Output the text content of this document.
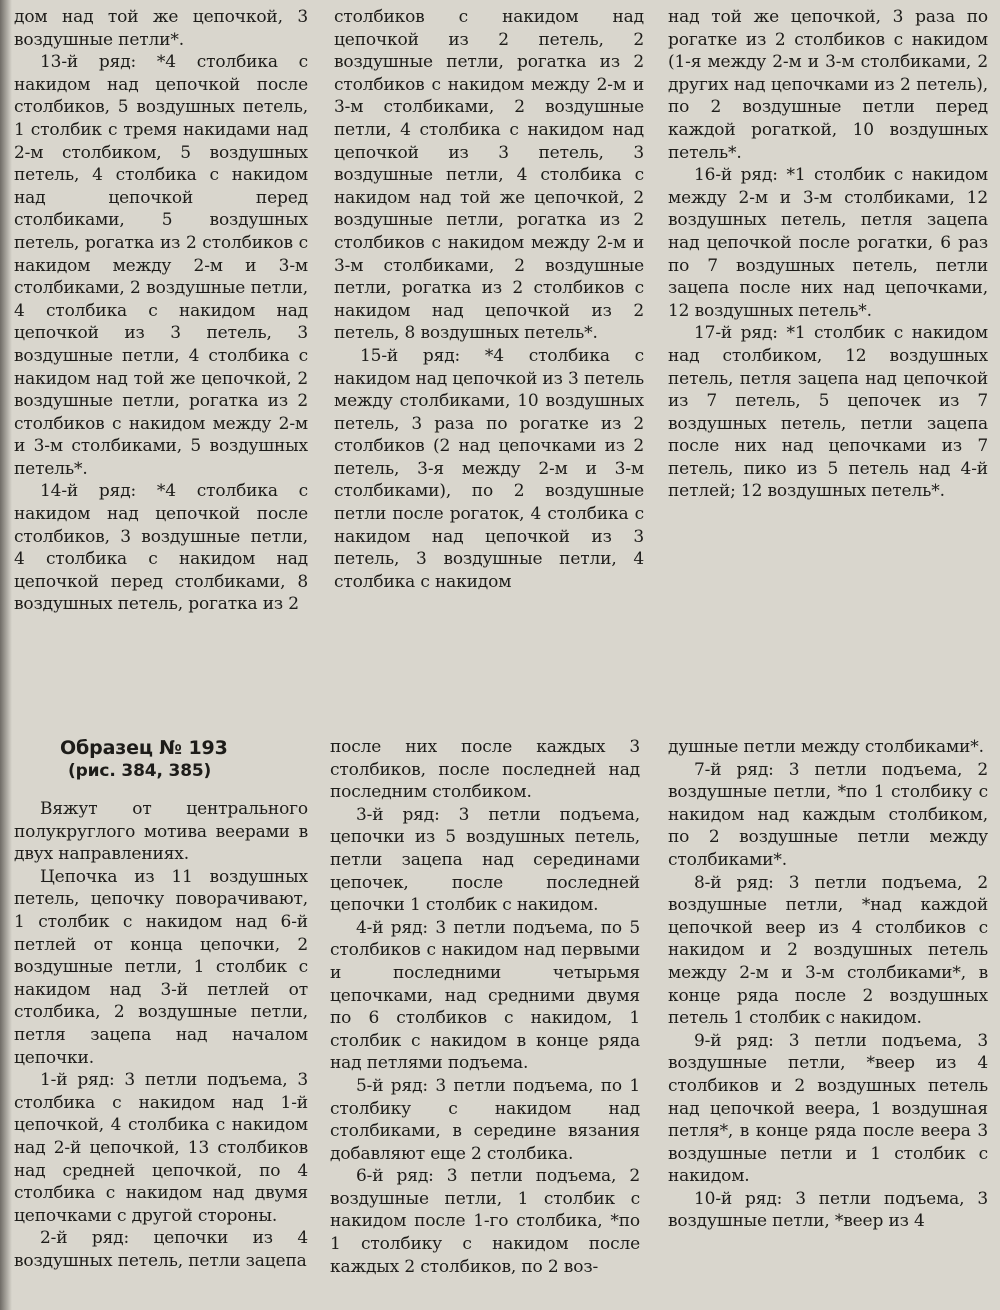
дом над той же цепочкой, 3 воздушные петли*.

13-й ряд: *4 столбика с накидом над цепочкой после столбиков, 5 воздушных петель, 1 столбик с тремя накидами над 2-м столбиком, 5 воздушных петель, 4 столбика с накидом над цепочкой перед столбиками, 5 воздушных петель, рогатка из 2 столбиков с накидом между 2-м и 3-м столбиками, 2 воздушные петли, 4 столбика с накидом над цепочкой из 3 петель, 3 воздушные петли, 4 столбика с накидом над той же цепочкой, 2 воздушные петли, рогатка из 2 столбиков с накидом между 2-м и 3-м столбиками, 5 воздушных петель*.

14-й ряд: *4 столбика с накидом над цепочкой после столбиков, 3 воздушные петли, 4 столбика с накидом над цепочкой перед столбиками, 8 воздушных петель, рогатка из 2

столбиков с накидом над цепочкой из 2 петель, 2 воздушные петли, рогатка из 2 столбиков с накидом между 2-м и 3-м столбиками, 2 воздушные петли, 4 столбика с накидом над цепочкой из 3 петель, 3 воздушные петли, 4 столбика с накидом над той же цепочкой, 2 воздушные петли, рогатка из 2 столбиков с накидом между 2-м и 3-м столбиками, 2 воздушные петли, рогатка из 2 столбиков с накидом над цепочкой из 2 петель, 8 воздушных петель*.

15-й ряд: *4 столбика с накидом над цепочкой из 3 петель между столбиками, 10 воздушных петель, 3 раза по рогатке из 2 столбиков (2 над цепочками из 2 петель, 3-я между 2-м и 3-м столбиками), по 2 воздушные петли после рогаток, 4 столбика с накидом над цепочкой из 3 петель, 3 воздушные петли, 4 столбика с накидом

над той же цепочкой, 3 раза по рогатке из 2 столбиков с накидом (1-я между 2-м и 3-м столбиками, 2 других над цепочками из 2 петель), по 2 воздушные петли перед каждой рогаткой, 10 воздушных петель*.

16-й ряд: *1 столбик с накидом между 2-м и 3-м столбиками, 12 воздушных петель, петля зацепа над цепочкой после рогатки, 6 раз по 7 воздушных петель, петли зацепа после них над цепочками, 12 воздушных петель*.

17-й ряд: *1 столбик с накидом над столбиком, 12 воздушных петель, петля зацепа над цепочкой из 7 петель, 5 цепочек из 7 воздушных петель, петли зацепа после них над цепочками из 7 петель, пико из 5 петель над 4-й петлей; 12 воздушных петель*.

Образец № 193

(рис. 384, 385)

Вяжут от центрального полукруглого мотива веерами в двух направлениях.

Цепочка из 11 воздушных петель, цепочку поворачивают, 1 столбик с накидом над 6-й петлей от конца цепочки, 2 воздушные петли, 1 столбик с накидом над 3-й петлей от столбика, 2 воздушные петли, петля зацепа над началом цепочки.

1-й ряд: 3 петли подъема, 3 столбика с накидом над 1-й цепочкой, 4 столбика с накидом над 2-й цепочкой, 13 столбиков над средней цепочкой, по 4 столбика с накидом над двумя цепочками с другой стороны.

2-й ряд: цепочки из 4 воздушных петель, петли зацепа

после них после каждых 3 столбиков, после последней над последним столбиком.

3-й ряд: 3 петли подъема, цепочки из 5 воздушных петель, петли зацепа над серединами цепочек, после последней цепочки 1 столбик с накидом.

4-й ряд: 3 петли подъема, по 5 столбиков с накидом над первыми и последними четырьмя цепочками, над средними двумя по 6 столбиков с накидом, 1 столбик с накидом в конце ряда над петлями подъема.

5-й ряд: 3 петли подъема, по 1 столбику с накидом над столбиками, в середине вязания добавляют еще 2 столбика.

6-й ряд: 3 петли подъема, 2 воздушные петли, 1 столбик с накидом после 1-го столбика, *по 1 столбику с накидом после каждых 2 столбиков, по 2 воз-

душные петли между столбиками*.

7-й ряд: 3 петли подъема, 2 воздушные петли, *по 1 столбику с накидом над каждым столбиком, по 2 воздушные петли между столбиками*.

8-й ряд: 3 петли подъема, 2 воздушные петли, *над каждой цепочкой веер из 4 столбиков с накидом и 2 воздушных петель между 2-м и 3-м столбиками*, в конце ряда после 2 воздушных петель 1 столбик с накидом.

9-й ряд: 3 петли подъема, 3 воздушные петли, *веер из 4 столбиков и 2 воздушных петель над цепочкой веера, 1 воздушная петля*, в конце ряда после веера 3 воздушные петли и 1 столбик с накидом.

10-й ряд: 3 петли подъема, 3 воздушные петли, *веер из 4
